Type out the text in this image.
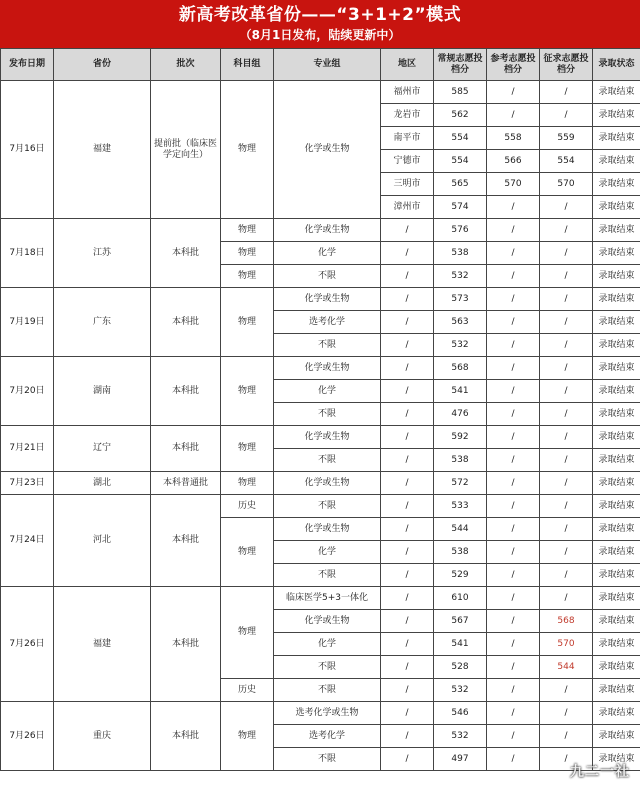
新高考改革省份——“3+1+2”模式
（8月1日发布，陆续更新中）
发布日期	省份	批次	科目组	专业组	地区	常规志愿投档分	参考志愿投档分	征求志愿投档分	录取状态
7月16日	福建	提前批（临床医学定向生）	物理	化学或生物	福州市	585	/	/	录取结束
					龙岩市	562	/	/	录取结束
					南平市	554	558	559	录取结束
					宁德市	554	566	554	录取结束
					三明市	565	570	570	录取结束
					漳州市	574	/	/	录取结束
7月18日	江苏	本科批	物理	化学或生物	/	576	/	/	录取结束
			物理	化学	/	538	/	/	录取结束
			物理	不限	/	532	/	/	录取结束
7月19日	广东	本科批	物理	化学或生物	/	573	/	/	录取结束
				选考化学	/	563	/	/	录取结束
				不限	/	532	/	/	录取结束
7月20日	湖南	本科批	物理	化学或生物	/	568	/	/	录取结束
				化学	/	541	/	/	录取结束
				不限	/	476	/	/	录取结束
7月21日	辽宁	本科批	物理	化学或生物	/	592	/	/	录取结束
				不限	/	538	/	/	录取结束
7月23日	湖北	本科普通批	物理	化学或生物	/	572	/	/	录取结束
7月24日	河北	本科批	历史	不限	/	533	/	/	录取结束
			物理	化学或生物	/	544	/	/	录取结束
				化学	/	538	/	/	录取结束
				不限	/	529	/	/	录取结束
7月26日	福建	本科批	物理	临床医学5+3一体化	/	610	/	/	录取结束
				化学或生物	/	567	/	568	录取结束
				化学	/	541	/	570	录取结束
				不限	/	528	/	544	录取结束
			历史	不限	/	532	/	/	录取结束
7月26日	重庆	本科批	物理	选考化学或生物	/	546	/	/	录取结束
				选考化学	/	532	/	/	录取结束
				不限	/	497	/	/	录取结束
九二一社
